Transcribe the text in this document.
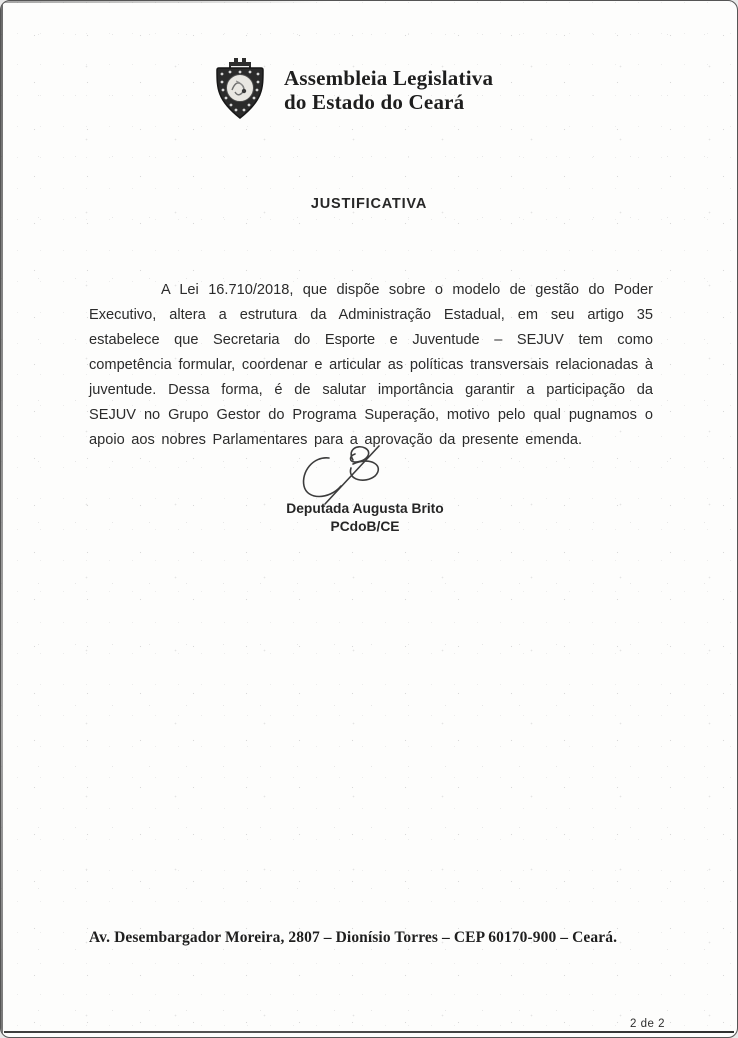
Assembleia Legislativa
do Estado do Ceará
JUSTIFICATIVA

A Lei 16.710/2018, que dispõe sobre o modelo de gestão do Poder Executivo, altera a estrutura da Administração Estadual, em seu artigo 35 estabelece que Secretaria do Esporte e Juventude – SEJUV tem como competência formular, coordenar e articular as políticas transversais relacionadas à juventude. Dessa forma, é de salutar importância garantir a participação da SEJUV no Grupo Gestor do Programa Superação, motivo pelo qual pugnamos o apoio aos nobres Parlamentares para a aprovação da presente emenda.

Deputada Augusta Brito
PCdoB/CE
Av. Desembargador Moreira, 2807 – Dionísio Torres – CEP 60170-900 – Ceará.
2 de 2
